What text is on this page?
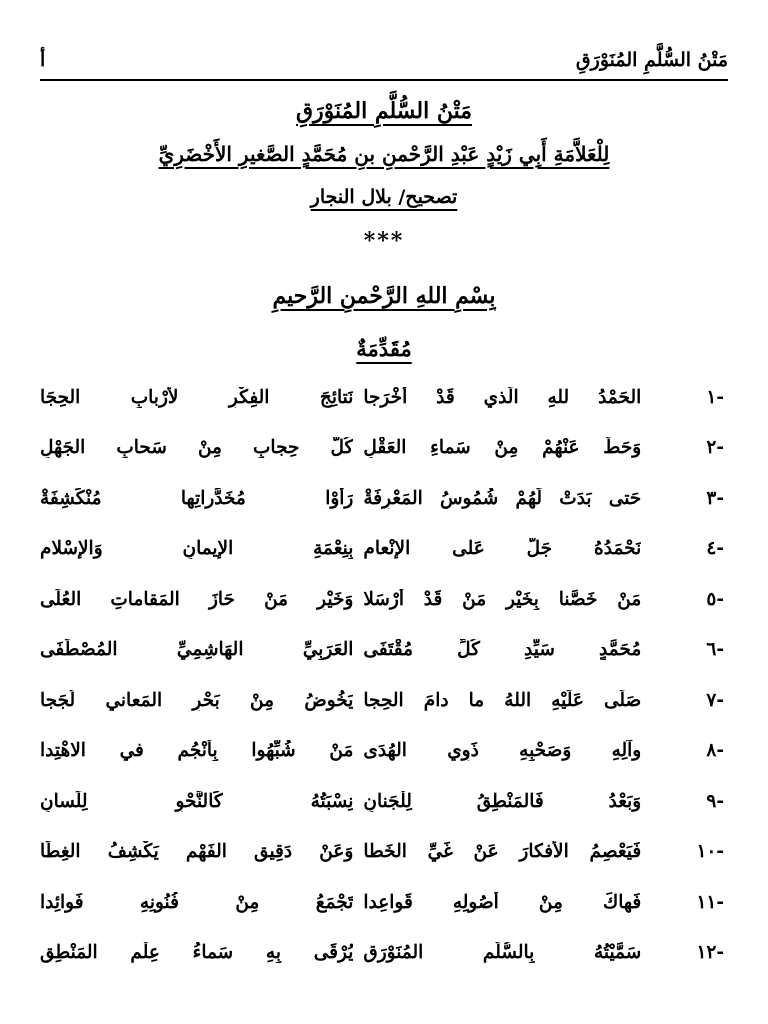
مَتْنُ السُّلَّمِ المُنَوْرَقِ
أ
مَتْنُ السُّلَّمِ المُنَوْرَقِ
لِلْعَلاَّمَةِ أَبِي زَيْدٍ عَبْدِ الرَّحْمنِ بنِ مُحَمَّدٍ الصَّغيرِ الأَخْضَرِيِّ
تصحيح/ بلال النجار
***
بِسْمِ اللهِ الرَّحْمنِ الرَّحيمِ
مُقَدِّمَةٌ
-١
الحَمْدُ للهِ الَّذي قَدْ أَخْرَجا
نَتائِجَ الفِكْرِ لأَرْبابِ الحِجَا
-٢
وَحَطَّ عَنْهُمْ مِنْ سَماءِ العَقْلِ
كُلَّ حِجابٍ مِنْ سَحابِ الجَهْلِ
-٣
حَتى بَدَتْ لَهُمْ شُمُوسُ المَعْرِفَةْ
رَأَوْا مُخَدَّراتِها مُنْكَشِفَةْ
-٤
نَحْمَدُهُ جَلَّ عَلى الإِنْعامِ
بِنِعْمَةِ الإِيمانِ وَالإِسْلامِ
-٥
مَنْ خَصَّنا بِخَيْرِ مَنْ قَدْ أَرْسَلا
وَخَيْرِ مَنْ حَازَ المَقاماتِ العُلَى
-٦
مُحَمَّدٍ سَيِّدِ كُلِّ مُقْتَفَى
العَرَبِيِّ الهَاشِمِيِّ المُصْطَفَى
-٧
صَلَّى عَلَيْهِ اللهُ ما دامَ الحِجا
يَخُوضُ مِنْ بَحْرِ المَعاني لُجَجا
-٨
وآلِهِ وَصَحْبِهِ ذَوِي الهُدَى
مَنْ شُبِّهُوا بِأَنْجُمٍ في الاهْتِدا
-٩
وَبَعْدُ فَالمَنْطِقُ لِلْجَنانِ
نِسْبَتُهُ كَالنَّحْوِ لِلِّسانِ
-١٠
فَيَعْصِمُ الأَفكارَ عَنْ غَيِّ الخَطا
وَعَنْ دَقِيقِ الفَهْمِ يَكْشِفُ الغِطَا
-١١
فَهاكَ مِنْ أُصُولِهِ قَواعِدا
تَجْمَعُ مِنْ فُنُونِهِ فَوائِدا
-١٢
سَمَّيْتُهُ بِالسُّلَّمِ المُنَوْرَقِ
يُرْقَى بِهِ سَماءُ عِلْمِ المَنْطِقِ
